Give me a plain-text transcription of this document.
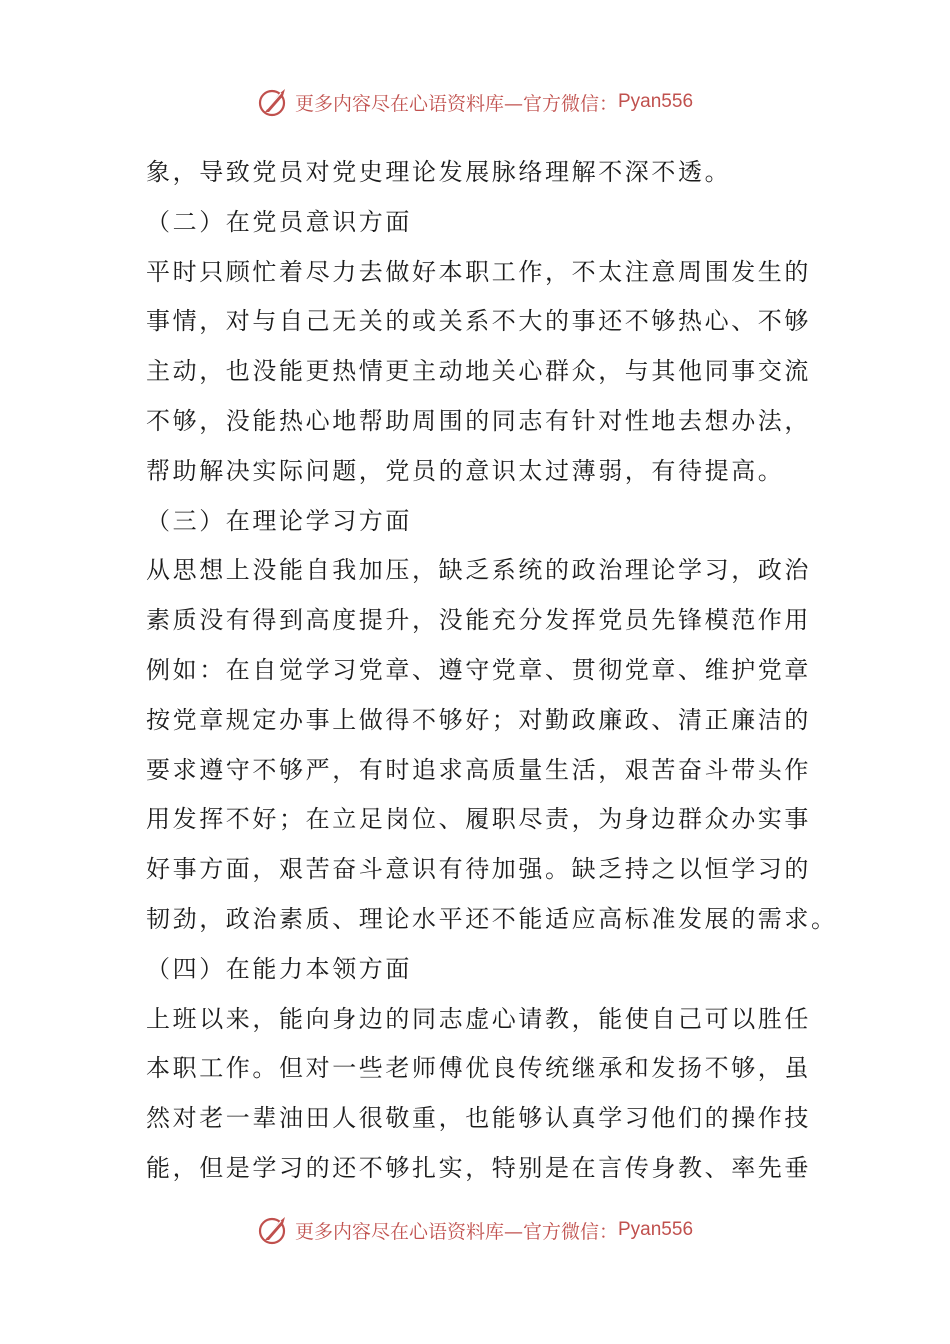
更多内容尽在心语资料库—官方微信： Pyan556
象，导致党员对党史理论发展脉络理解不深不透。
（二）在党员意识方面
平时只顾忙着尽力去做好本职工作，不太注意周围发生的
事情，对与自己无关的或关系不大的事还不够热心、不够
主动，也没能更热情更主动地关心群众，与其他同事交流
不够，没能热心地帮助周围的同志有针对性地去想办法，
帮助解决实际问题，党员的意识太过薄弱，有待提高。
（三）在理论学习方面
从思想上没能自我加压，缺乏系统的政治理论学习，政治
素质没有得到高度提升，没能充分发挥党员先锋模范作用
例如：在自觉学习党章、遵守党章、贯彻党章、维护党章
按党章规定办事上做得不够好；对勤政廉政、清正廉洁的
要求遵守不够严，有时追求高质量生活，艰苦奋斗带头作
用发挥不好；在立足岗位、履职尽责，为身边群众办实事
好事方面，艰苦奋斗意识有待加强。缺乏持之以恒学习的
韧劲，政治素质、理论水平还不能适应高标准发展的需求。
（四）在能力本领方面
上班以来，能向身边的同志虚心请教，能使自己可以胜任
本职工作。但对一些老师傅优良传统继承和发扬不够，虽
然对老一辈油田人很敬重，也能够认真学习他们的操作技
能，但是学习的还不够扎实，特别是在言传身教、率先垂
更多内容尽在心语资料库—官方微信： Pyan556
